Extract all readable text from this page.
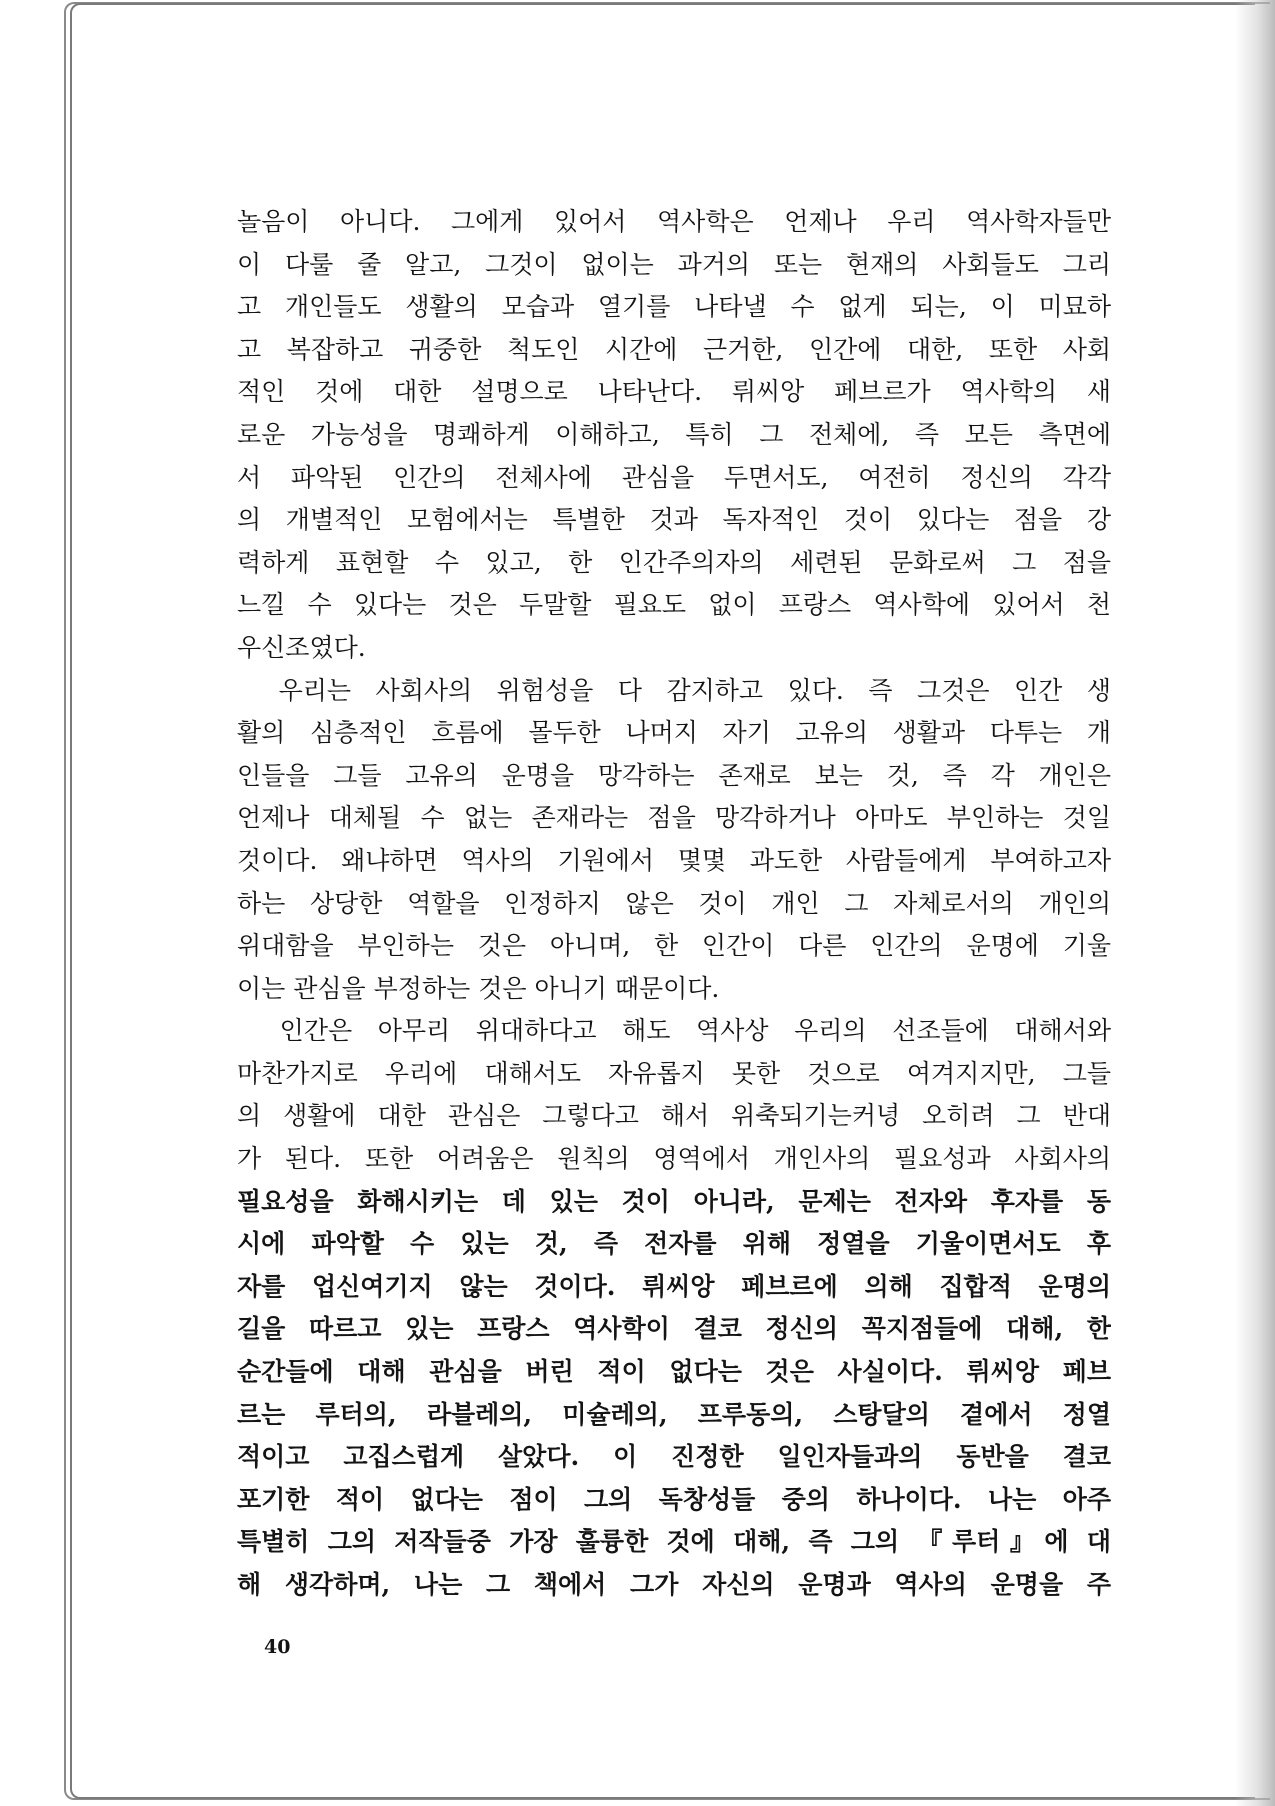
놀음이 아니다. 그에게 있어서 역사학은 언제나 우리 역사학자들만
이 다룰 줄 알고, 그것이 없이는 과거의 또는 현재의 사회들도 그리
고 개인들도 생활의 모습과 열기를 나타낼 수 없게 되는, 이 미묘하
고 복잡하고 귀중한 척도인 시간에 근거한, 인간에 대한, 또한 사회
적인 것에 대한 설명으로 나타난다. 뤼씨앙 페브르가 역사학의 새
로운 가능성을 명쾌하게 이해하고, 특히 그 전체에, 즉 모든 측면에
서 파악된 인간의 전체사에 관심을 두면서도, 여전히 정신의 각각
의 개별적인 모험에서는 특별한 것과 독자적인 것이 있다는 점을 강
력하게 표현할 수 있고, 한 인간주의자의 세련된 문화로써 그 점을
느낄 수 있다는 것은 두말할 필요도 없이 프랑스 역사학에 있어서 천
우신조였다.
　우리는 사회사의 위험성을 다 감지하고 있다. 즉 그것은 인간 생
활의 심층적인 흐름에 몰두한 나머지 자기 고유의 생활과 다투는 개
인들을 그들 고유의 운명을 망각하는 존재로 보는 것, 즉 각 개인은
언제나 대체될 수 없는 존재라는 점을 망각하거나 아마도 부인하는 것일
것이다. 왜냐하면 역사의 기원에서 몇몇 과도한 사람들에게 부여하고자
하는 상당한 역할을 인정하지 않은 것이 개인 그 자체로서의 개인의
위대함을 부인하는 것은 아니며, 한 인간이 다른 인간의 운명에 기울
이는 관심을 부정하는 것은 아니기 때문이다.
　인간은 아무리 위대하다고 해도 역사상 우리의 선조들에 대해서와
마찬가지로 우리에 대해서도 자유롭지 못한 것으로 여겨지지만, 그들
의 생활에 대한 관심은 그렇다고 해서 위축되기는커녕 오히려 그 반대
가 된다. 또한 어려움은 원칙의 영역에서 개인사의 필요성과 사회사의
필요성을 화해시키는 데 있는 것이 아니라, 문제는 전자와 후자를 동
시에 파악할 수 있는 것, 즉 전자를 위해 정열을 기울이면서도 후
자를 업신여기지 않는 것이다. 뤼씨앙 페브르에 의해 집합적 운명의
길을 따르고 있는 프랑스 역사학이 결코 정신의 꼭지점들에 대해, 한
순간들에 대해 관심을 버린 적이 없다는 것은 사실이다. 뤼씨앙 페브
르는 루터의, 라블레의, 미슐레의, 프루동의, 스탕달의 곁에서 정열
적이고 고집스럽게 살았다. 이 진정한 일인자들과의 동반을 결코
포기한 적이 없다는 점이 그의 독창성들 중의 하나이다. 나는 아주
특별히 그의 저작들중 가장 훌륭한 것에 대해, 즉 그의 『루터』에 대
해 생각하며, 나는 그 책에서 그가 자신의 운명과 역사의 운명을 주
40
